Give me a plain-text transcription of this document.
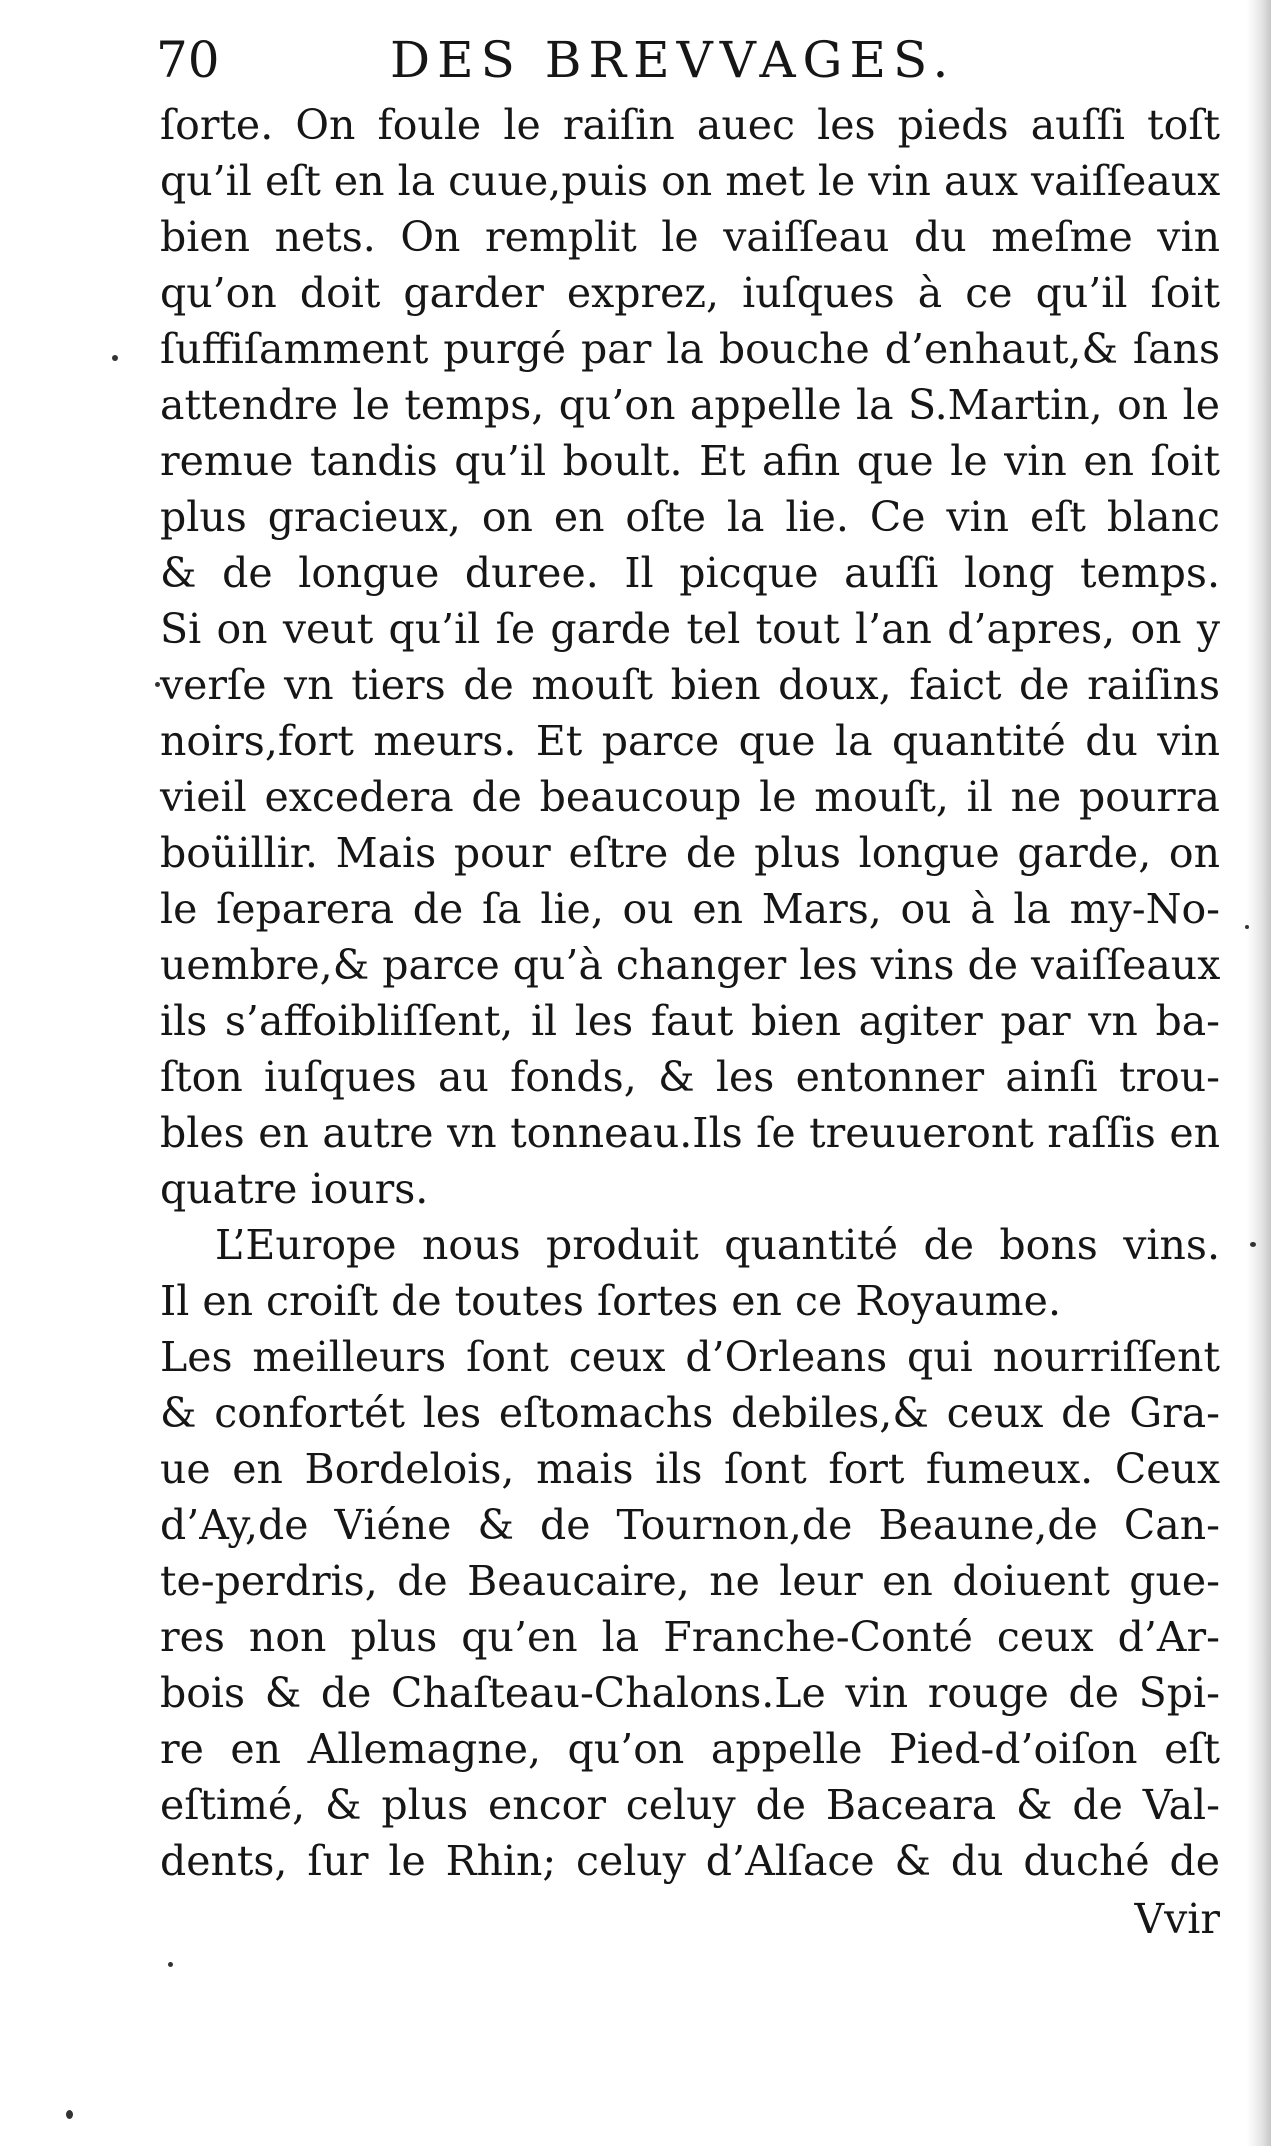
70	DES BREVVAGES.
ſorte. On foule le raiſin auec les pieds auſſi toſt
qu’il eſt en la cuue,puis on met le vin aux vaiſſeaux
bien nets. On remplit le vaiſſeau du meſme vin
qu’on doit garder exprez, iuſques à ce qu’il ſoit
ſuffiſamment purgé par la bouche d’enhaut,& ſans
attendre le temps, qu’on appelle la S.Martin, on le
remue tandis qu’il boult. Et afin que le vin en ſoit
plus gracieux, on en oſte la lie. Ce vin eſt blanc
& de longue duree. Il picque auſſi long temps.
Si on veut qu’il ſe garde tel tout l’an d’apres, on y
verſe vn tiers de mouſt bien doux, faict de raiſins
noirs,fort meurs. Et parce que la quantité du vin
vieil excedera de beaucoup le mouſt, il ne pourra
boüillir. Mais pour eſtre de plus longue garde, on
le ſeparera de ſa lie, ou en Mars, ou à la my-No-
uembre,& parce qu’à changer les vins de vaiſſeaux
ils s’affoibliſſent, il les faut bien agiter par vn ba-
ſton iuſques au fonds, & les entonner ainſi trou-
bles en autre vn tonneau.Ils ſe treuueront raſſis en
quatre iours.
L’Europe nous produit quantité de bons vins.
Il en croiſt de toutes ſortes en ce Royaume.
Les meilleurs ſont ceux d’Orleans qui nourriſſent
& confortét les eſtomachs debiles,& ceux de Gra-
ue en Bordelois, mais ils ſont fort fumeux. Ceux
d’Ay,de Viéne & de Tournon,de Beaune,de Can-
te-perdris, de Beaucaire, ne leur en doiuent gue-
res non plus qu’en la Franche-Conté ceux d’Ar-
bois & de Chaſteau-Chalons.Le vin rouge de Spi-
re en Allemagne, qu’on appelle Pied-d’oiſon eſt
eſtimé, & plus encor celuy de Baceara & de Val-
dents, ſur le Rhin; celuy d’Alſace & du duché de
Vvir
